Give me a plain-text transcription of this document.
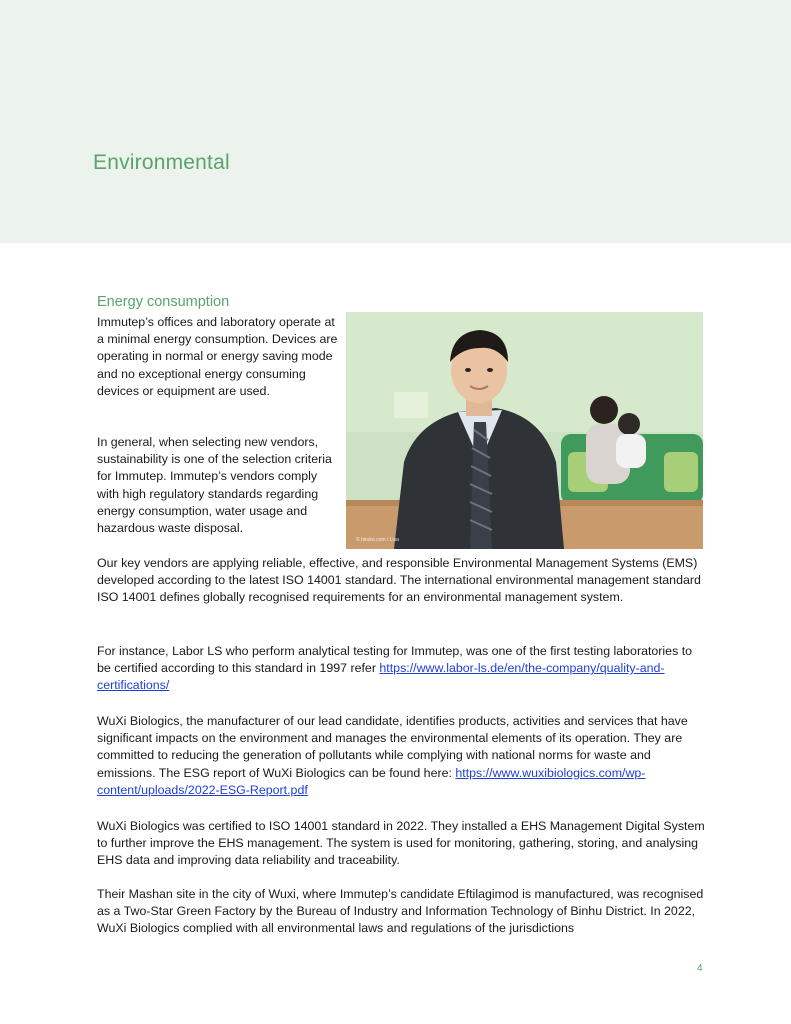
Environmental
Energy consumption

Immutep’s offices and laboratory operate at a minimal energy consumption. Devices are operating in normal or energy saving mode and no exceptional energy consuming devices or equipment are used.

In general, when selecting new vendors, sustainability is one of the selection criteria for Immutep. Immutep’s vendors comply with high regulatory standards regarding energy consumption, water usage and hazardous waste disposal.

© hiroko.com / Lisa

Our key vendors are applying reliable, effective, and responsible Environmental Management Systems (EMS) developed according to the latest ISO 14001 standard. The international environmental management standard ISO 14001 defines globally recognised requirements for an environmental management system.

For instance, Labor LS who perform analytical testing for Immutep, was one of the first testing laboratories to be certified according to this standard in 1997 refer https://www.labor-ls.de/en/the-company/quality-and-certifications/

WuXi Biologics, the manufacturer of our lead candidate, identifies products, activities and services that have significant impacts on the environment and manages the environmental elements of its operation. They are committed to reducing the generation of pollutants while complying with national norms for waste and emissions. The ESG report of WuXi Biologics can be found here: https://www.wuxibiologics.com/wp-content/uploads/2022-ESG-Report.pdf

WuXi Biologics was certified to ISO 14001 standard in 2022. They installed a EHS Management Digital System to further improve the EHS management. The system is used for monitoring, gathering, storing, and analysing EHS data and improving data reliability and traceability.

Their Mashan site in the city of Wuxi, where Immutep’s candidate Eftilagimod is manufactured, was recognised as a Two-Star Green Factory by the Bureau of Industry and Information Technology of Binhu District. In 2022, WuXi Biologics complied with all environmental laws and regulations of the jurisdictions

4
